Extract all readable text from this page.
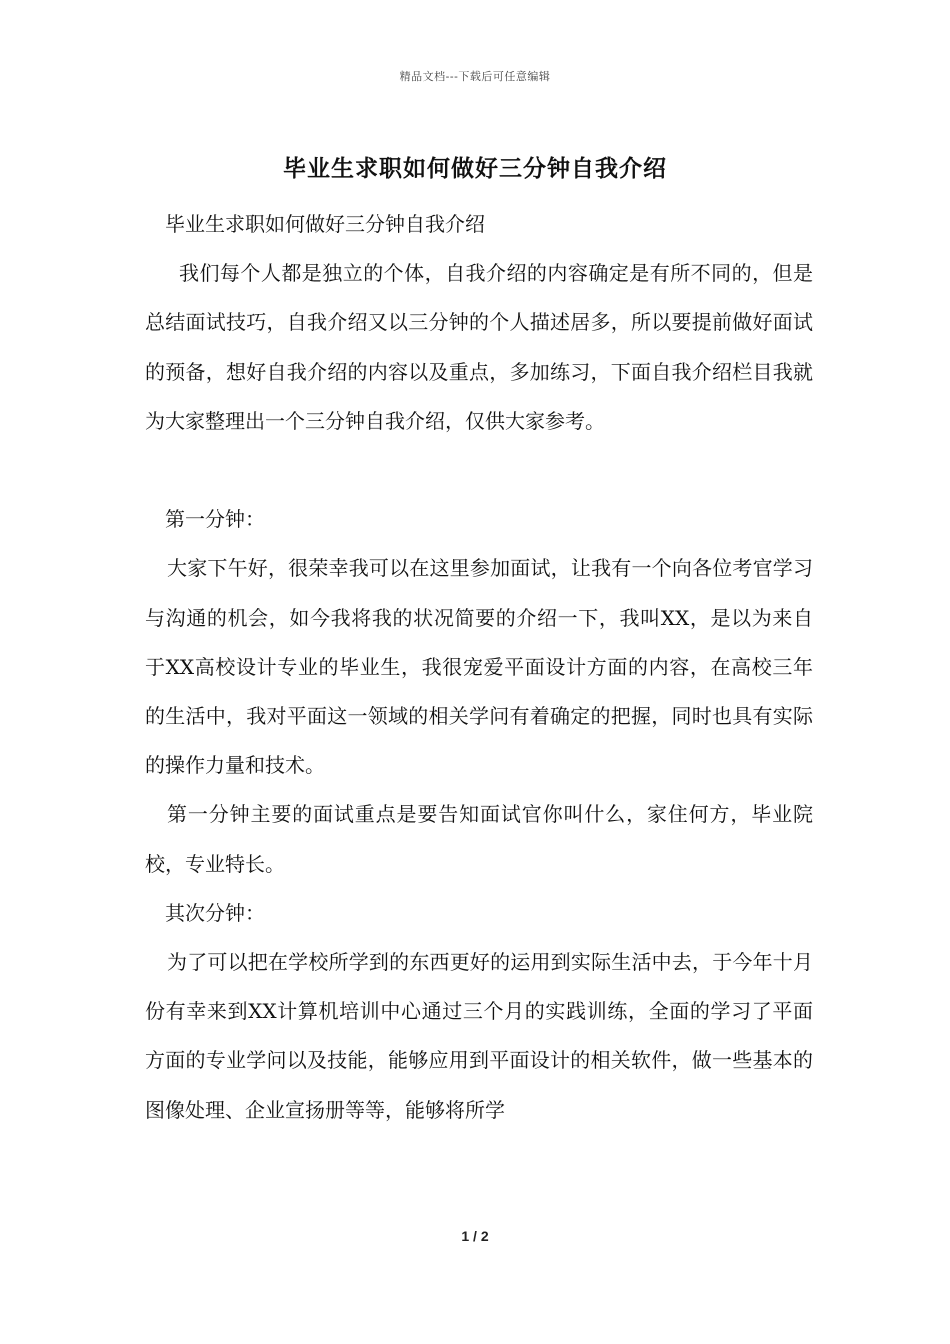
精品文档---下载后可任意编辑
毕业生求职如何做好三分钟自我介绍

毕业生求职如何做好三分钟自我介绍

我们每个人都是独立的个体，自我介绍的内容确定是有所不同的，但是总结面试技巧，自我介绍又以三分钟的个人描述居多，所以要提前做好面试的预备，想好自我介绍的内容以及重点，多加练习，下面自我介绍栏目我就为大家整理出一个三分钟自我介绍，仅供大家参考。

第一分钟：

大家下午好，很荣幸我可以在这里参加面试，让我有一个向各位考官学习与沟通的机会，如今我将我的状况简要的介绍一下，我叫XX，是以为来自于XX高校设计专业的毕业生，我很宠爱平面设计方面的内容，在高校三年的生活中，我对平面这一领域的相关学问有着确定的把握，同时也具有实际的操作力量和技术。

第一分钟主要的面试重点是要告知面试官你叫什么，家住何方，毕业院校，专业特长。

其次分钟：

为了可以把在学校所学到的东西更好的运用到实际生活中去，于今年十月份有幸来到XX计算机培训中心通过三个月的实践训练，全面的学习了平面方面的专业学问以及技能，能够应用到平面设计的相关软件，做一些基本的图像处理、企业宣扬册等等，能够将所学

1 / 2
